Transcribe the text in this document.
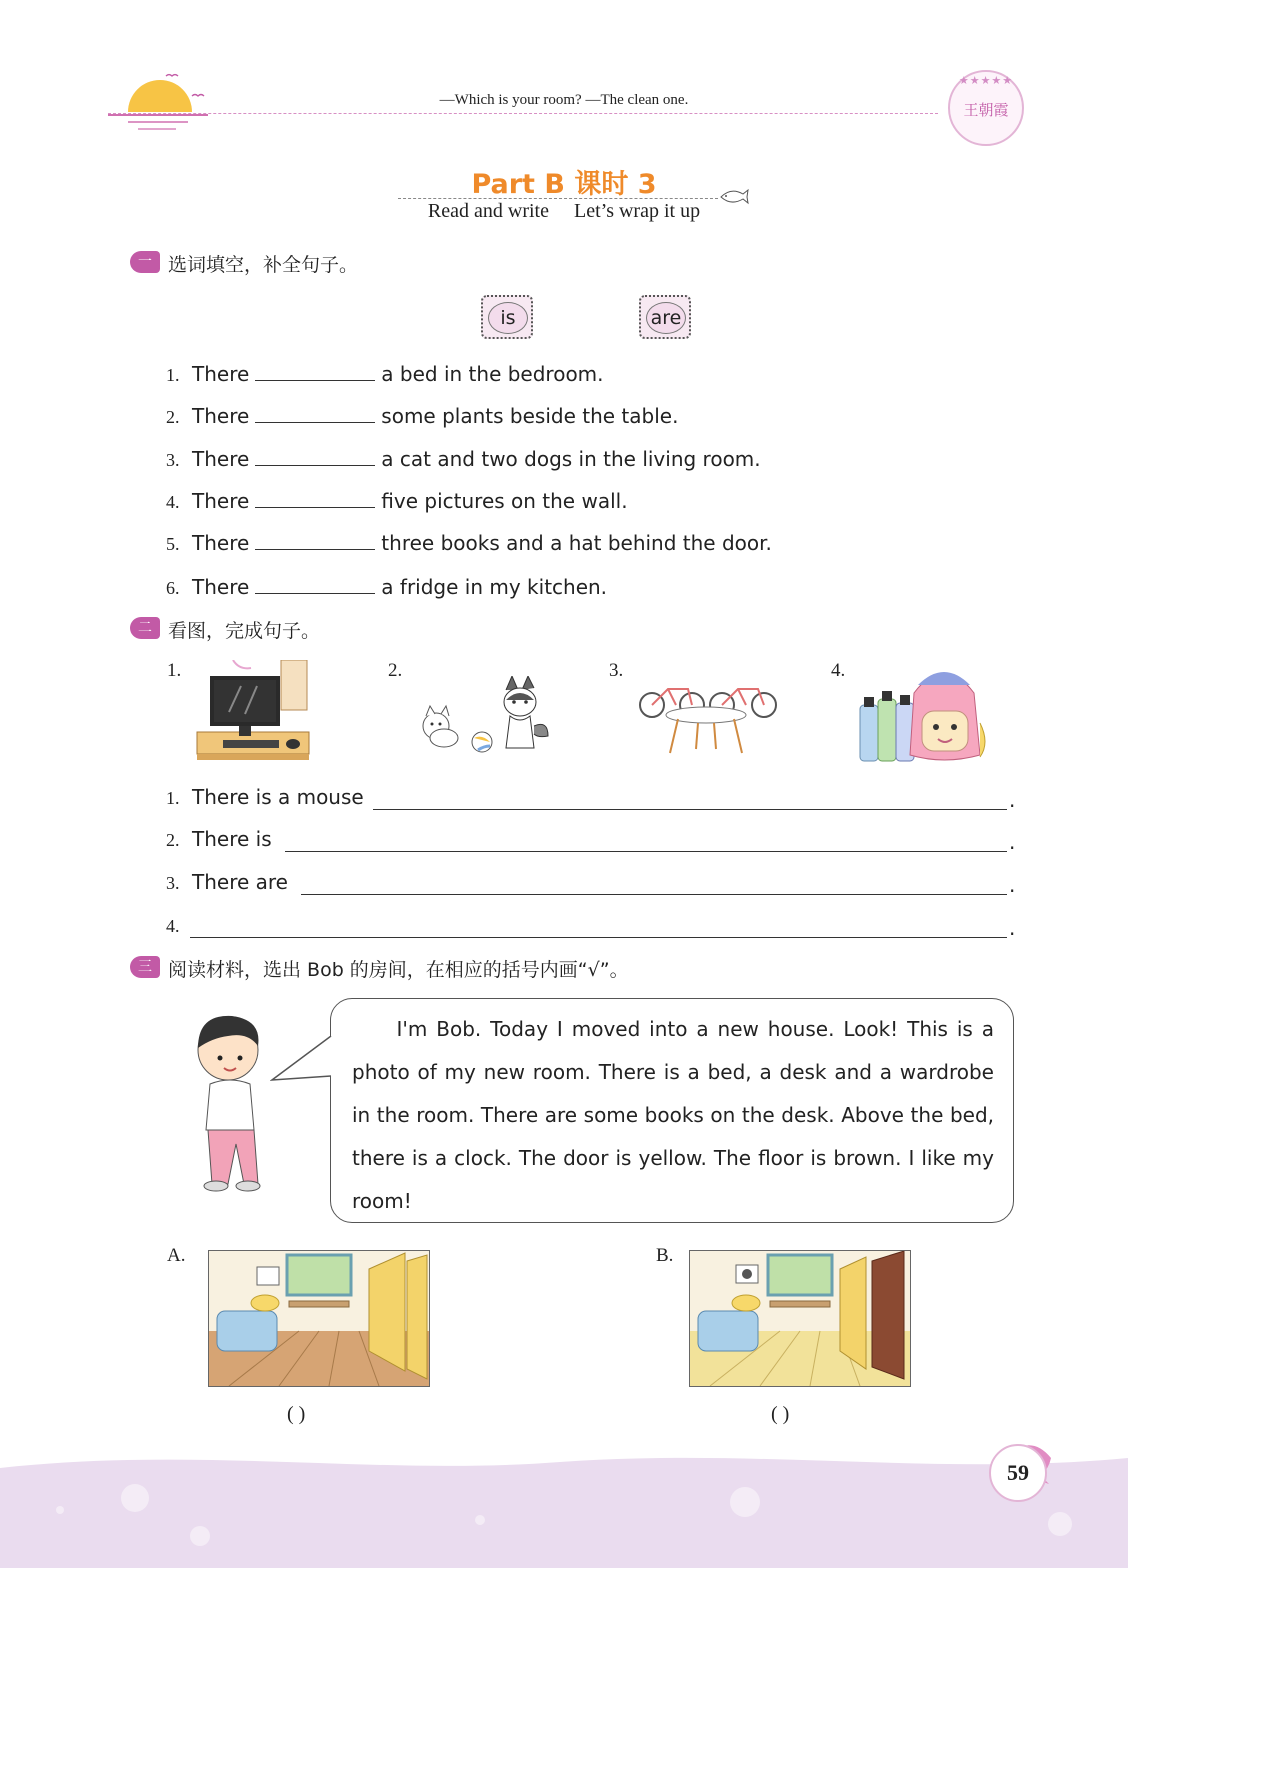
—Which is your room? —The clean one.
★★★★★
王朝霞
Part B 课时 3
Read and write Let’s wrap it up
一 选词填空，补全句子。
is	are
1. There	a bed in the bedroom.
2. There	some plants beside the table.
3. There	a cat and two dogs in the living room.
4. There	five pictures on the wall.
5. There	three books and a hat behind the door.
6. There	a fridge in my kitchen.
二 看图，完成句子。
1.	2.	3.	4.
1. There is a mouse	.
2. There is	.
3. There are	.
4.	.
三 阅读材料，选出 Bob 的房间，在相应的括号内画“√”。
I'm Bob. Today I moved into a new house. Look! This is a photo of my new room. There is a bed, a desk and a wardrobe in the room. There are some books on the desk. Above the bed, there is a clock. The door is yellow. The floor is brown. I like my room!
A.
( )
B.
( )
59
